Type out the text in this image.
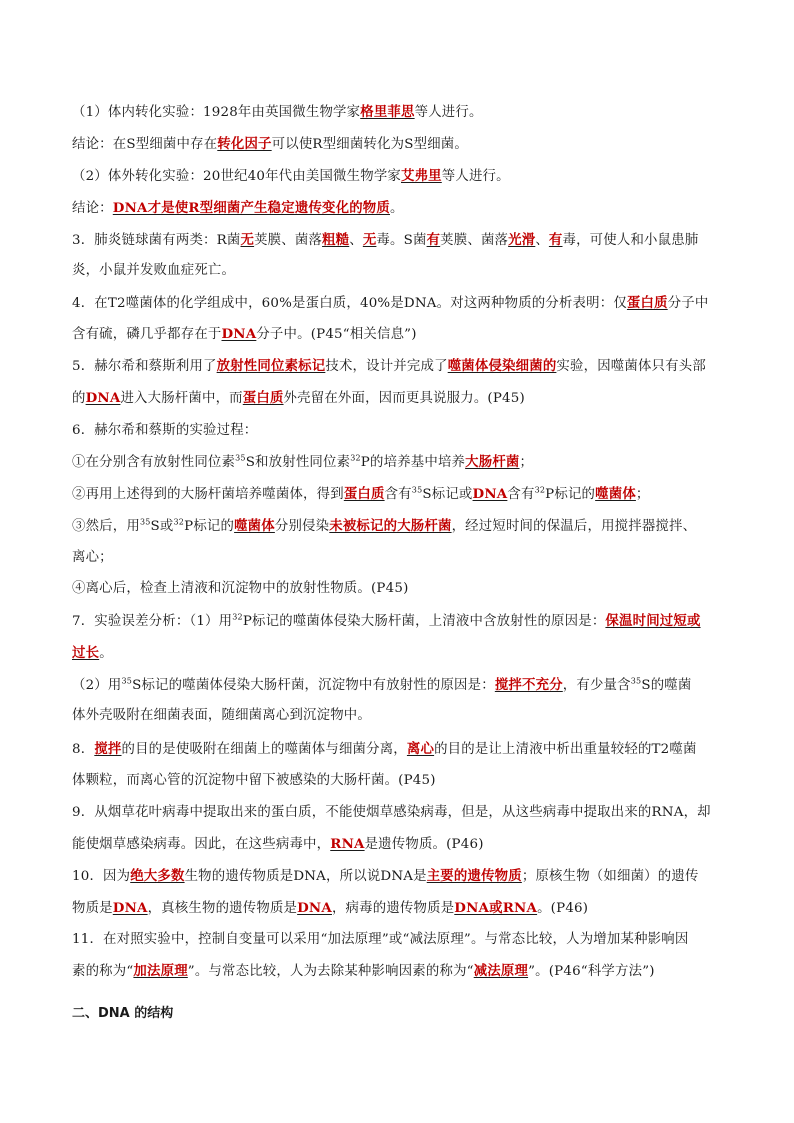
（1）体内转化实验：1928年由英国微生物学家格里菲思等人进行。
结论：在S型细菌中存在转化因子可以使R型细菌转化为S型细菌。
（2）体外转化实验：20世纪40年代由美国微生物学家艾弗里等人进行。
结论：DNA才是使R型细菌产生稳定遗传变化的物质。
3．肺炎链球菌有两类：R菌无荚膜、菌落粗糙、无毒。S菌有荚膜、菌落光滑、有毒，可使人和小鼠患肺
炎，小鼠并发败血症死亡。
4．在T2噬菌体的化学组成中，60%是蛋白质，40%是DNA。对这两种物质的分析表明：仅蛋白质分子中
含有硫，磷几乎都存在于DNA分子中。(P45“相关信息”)
5．赫尔希和蔡斯利用了放射性同位素标记技术，设计并完成了噬菌体侵染细菌的实验，因噬菌体只有头部
的DNA进入大肠杆菌中，而蛋白质外壳留在外面，因而更具说服力。(P45)
6．赫尔希和蔡斯的实验过程：
①在分别含有放射性同位素$^{35}$S和放射性同位素$^{32}$P的培养基中培养大肠杆菌；
②再用上述得到的大肠杆菌培养噬菌体，得到蛋白质含有$^{35}$S标记或DNA含有$^{32}$P标记的噬菌体；
③然后，用$^{35}$S或$^{32}$P标记的噬菌体分别侵染未被标记的大肠杆菌，经过短时间的保温后，用搅拌器搅拌、
离心；
④离心后，检查上清液和沉淀物中的放射性物质。(P45)
7．实验误差分析：（1）用$^{32}$P标记的噬菌体侵染大肠杆菌，上清液中含放射性的原因是：保温时间过短或
过长。
（2）用$^{35}$S标记的噬菌体侵染大肠杆菌，沉淀物中有放射性的原因是：搅拌不充分，有少量含$^{35}$S的噬菌
体外壳吸附在细菌表面，随细菌离心到沉淀物中。
8．搅拌的目的是使吸附在细菌上的噬菌体与细菌分离，离心的目的是让上清液中析出重量较轻的T2噬菌
体颗粒，而离心管的沉淀物中留下被感染的大肠杆菌。(P45)
9．从烟草花叶病毒中提取出来的蛋白质，不能使烟草感染病毒，但是，从这些病毒中提取出来的RNA，却
能使烟草感染病毒。因此，在这些病毒中，RNA是遗传物质。(P46)
10．因为绝大多数生物的遗传物质是DNA，所以说DNA是主要的遗传物质；原核生物（如细菌）的遗传
物质是DNA，真核生物的遗传物质是DNA，病毒的遗传物质是DNA或RNA。(P46)
11．在对照实验中，控制自变量可以采用“加法原理”或“减法原理”。与常态比较，人为增加某种影响因
素的称为“加法原理”。与常态比较，人为去除某种影响因素的称为“减法原理”。(P46“科学方法”)
二、DNA 的结构
